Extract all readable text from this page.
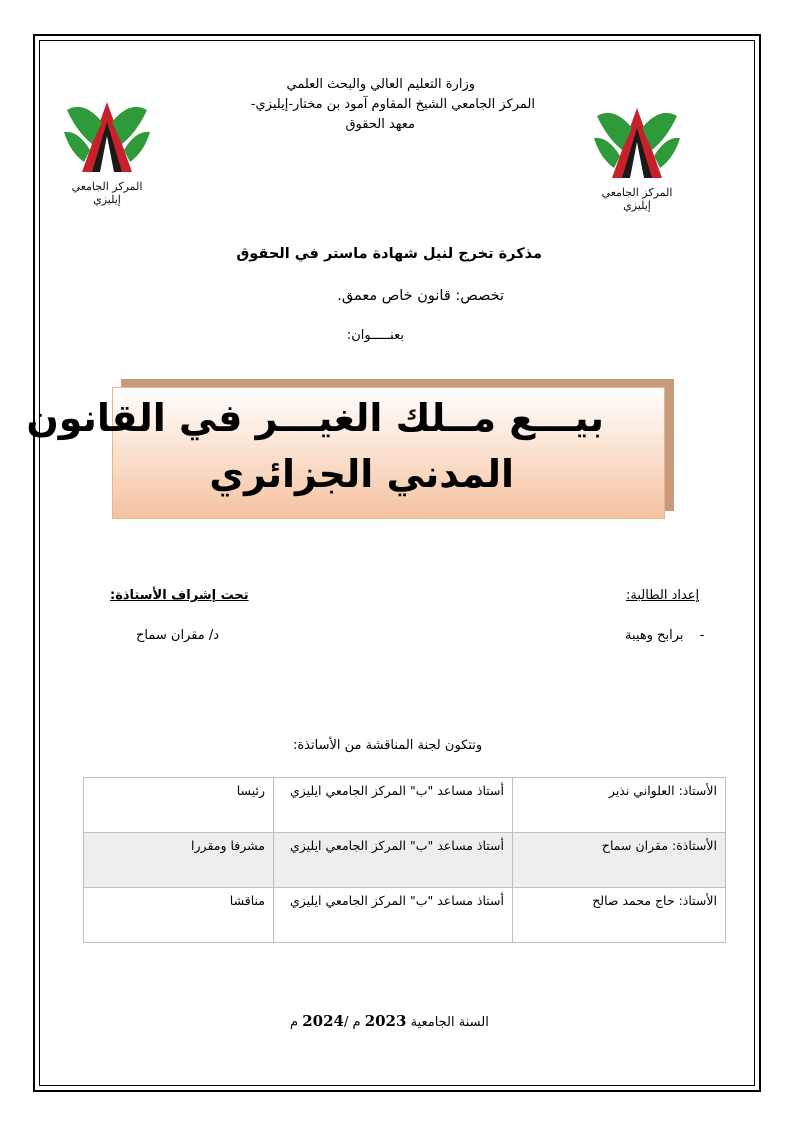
المركز الجامعي إيليزي
المركز الجامعي إيليزي
وزارة التعليم العالي والبحث العلمي
المركز الجامعي الشيخ المقاوم آمود بن مختار-إيليزي-
معهد الحقوق
مذكرة تخرج لنيل شهادة ماستر في الحقوق
تخصص: قانون خاص معمق.
بعنـــــوان:
بيـــع مــلك الغيـــر في القانون
المدني الجزائري
إعداد الطالبة:
تحت إشراف الأستاذة:
- برابح وهيبة
د/ مقران سماح
وتتكون لجنة المناقشة من الأساتذة:
الأستاذ: العلواني نذير	أستاذ مساعد "ب" المركز الجامعي ايليزي	رئيسا
الأستاذة: مقران سماح	أستاذ مساعد "ب" المركز الجامعي ايليزي	مشرفا ومقررا
الأستاذ: حاج محمد صالح	أستاذ مساعد "ب" المركز الجامعي ايليزي	مناقشا
السنة الجامعية 2023 م /2024 م
